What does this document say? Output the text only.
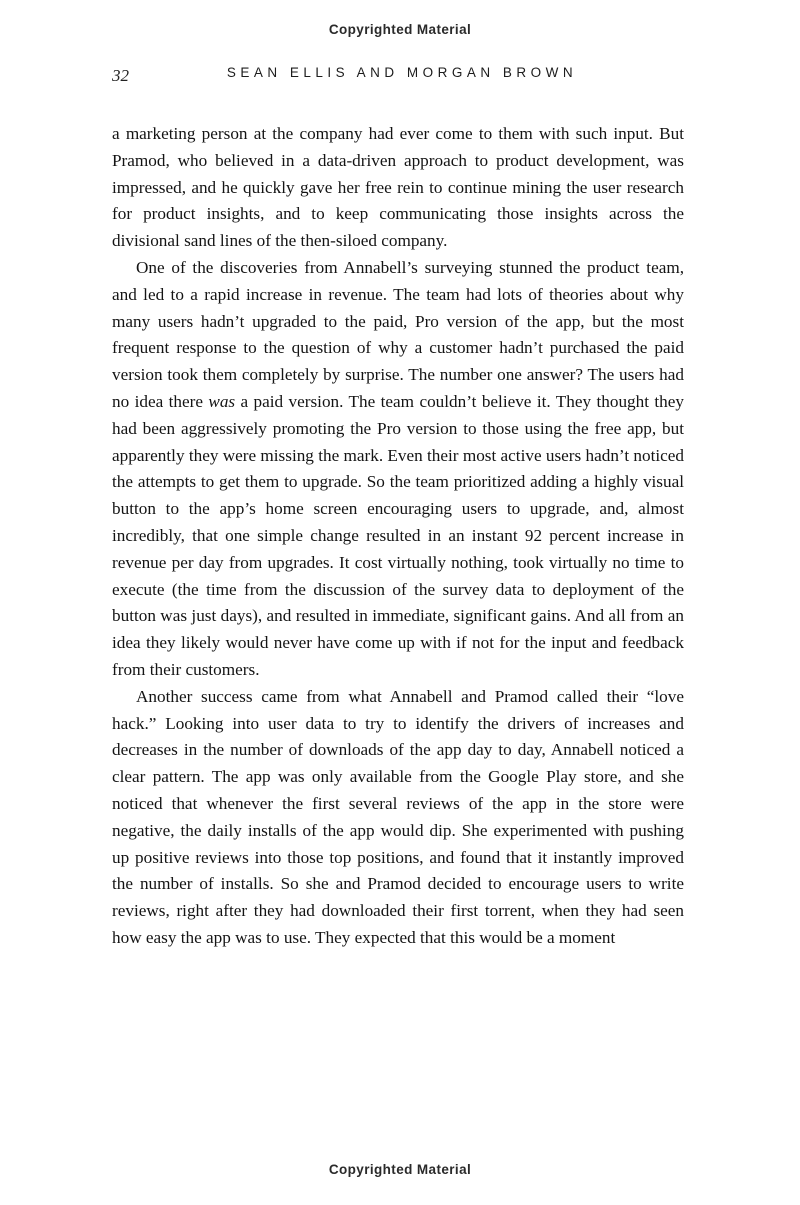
Copyrighted Material
32	SEAN ELLIS AND MORGAN BROWN

a marketing person at the company had ever come to them with such input. But Pramod, who believed in a data-driven approach to product development, was impressed, and he quickly gave her free rein to continue mining the user research for product insights, and to keep communicating those insights across the divisional sand lines of the then-siloed company.

One of the discoveries from Annabell’s surveying stunned the product team, and led to a rapid increase in revenue. The team had lots of theories about why many users hadn’t upgraded to the paid, Pro version of the app, but the most frequent response to the question of why a customer hadn’t purchased the paid version took them completely by surprise. The number one answer? The users had no idea there was a paid version. The team couldn’t believe it. They thought they had been aggressively promoting the Pro version to those using the free app, but apparently they were missing the mark. Even their most active users hadn’t noticed the attempts to get them to upgrade. So the team prioritized adding a highly visual button to the app’s home screen encouraging users to upgrade, and, almost incredibly, that one simple change resulted in an instant 92 percent increase in revenue per day from upgrades. It cost virtually nothing, took virtually no time to execute (the time from the discussion of the survey data to deployment of the button was just days), and resulted in immediate, significant gains. And all from an idea they likely would never have come up with if not for the input and feedback from their customers.

Another success came from what Annabell and Pramod called their “love hack.” Looking into user data to try to identify the drivers of increases and decreases in the number of downloads of the app day to day, Annabell noticed a clear pattern. The app was only available from the Google Play store, and she noticed that whenever the first several reviews of the app in the store were negative, the daily installs of the app would dip. She experimented with pushing up positive reviews into those top positions, and found that it instantly improved the number of installs. So she and Pramod decided to encourage users to write reviews, right after they had downloaded their first torrent, when they had seen how easy the app was to use. They expected that this would be a moment

Copyrighted Material
